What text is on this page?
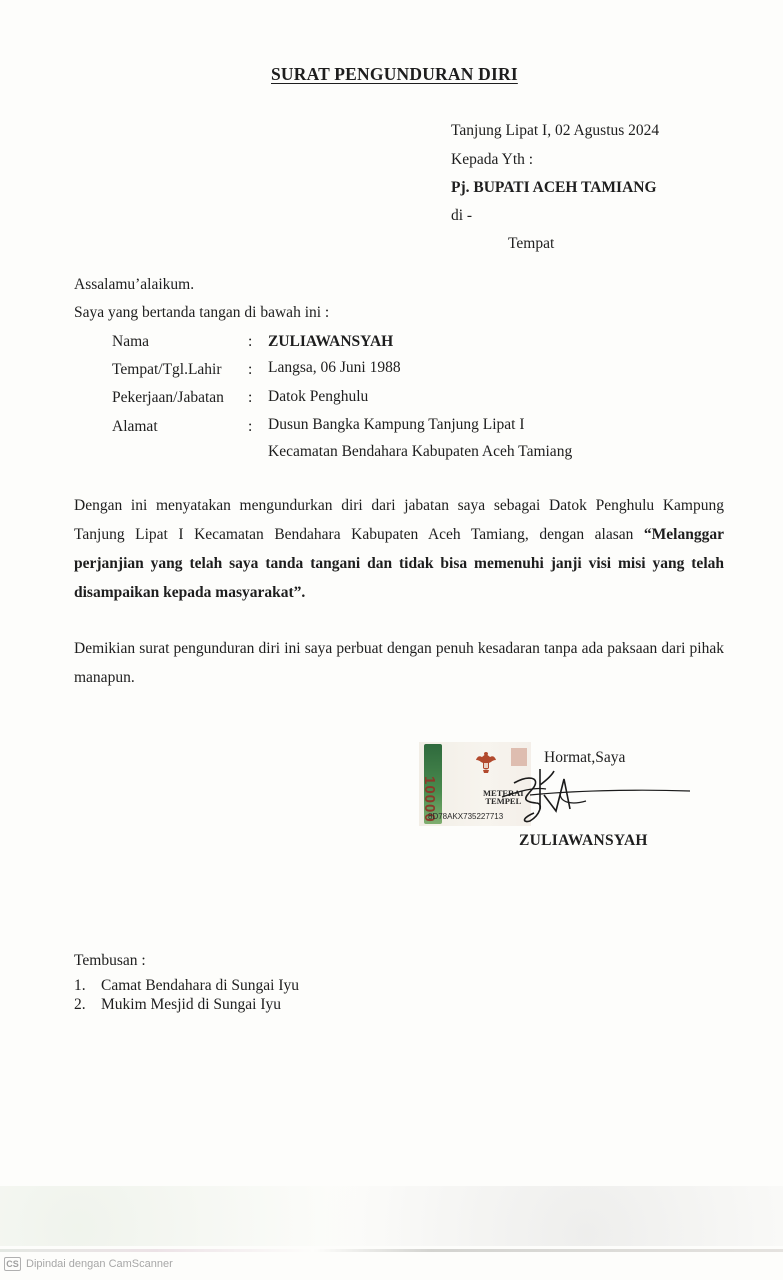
SURAT PENGUNDURAN DIRI
Tanjung Lipat I, 02 Agustus 2024
Kepada Yth :
Pj. BUPATI ACEH TAMIANG
di -
Tempat
Assalamu’alaikum.
Saya yang bertanda tangan di bawah ini :
Nama	: ZULIAWANSYAH
Tempat/Tgl.Lahir : Langsa, 06 Juni 1988
Pekerjaan/Jabatan : Datok Penghulu
Alamat	: Dusun Bangka Kampung Tanjung Lipat I
Kecamatan Bendahara Kabupaten Aceh Tamiang
Dengan ini menyatakan mengundurkan diri dari jabatan saya sebagai Datok Penghulu Kampung Tanjung Lipat I Kecamatan Bendahara Kabupaten Aceh Tamiang, dengan alasan “Melanggar perjanjian yang telah saya tanda tangani dan tidak bisa memenuhi janji visi misi yang telah disampaikan kepada masyarakat”.
Demikian surat pengunduran diri ini saya perbuat dengan penuh kesadaran tanpa ada paksaan dari pihak manapun.
10000	METERAI
TEMPEL
8D78AKX735227713
Hormat,Saya
ZULIAWANSYAH
Tembusan :
1. Camat Bendahara di Sungai Iyu
2. Mukim Mesjid di Sungai Iyu
CS Dipindai dengan CamScanner
